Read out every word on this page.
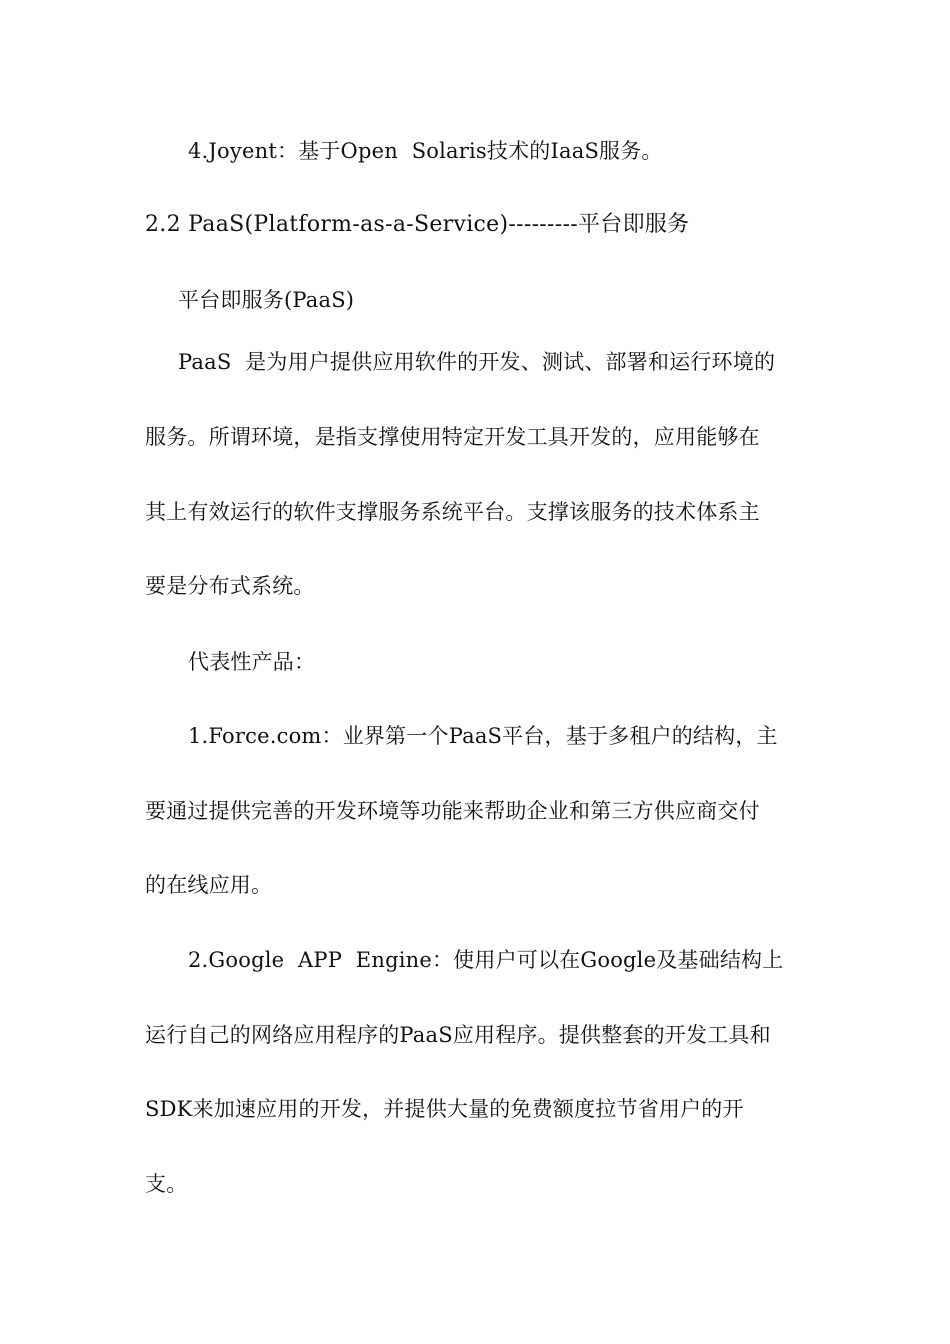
4.Joyent：基于Open  Solaris技术的IaaS服务。
2.2 PaaS(Platform-as-a-Service)---------平台即服务
平台即服务(PaaS)
PaaS  是为用户提供应用软件的开发、测试、部署和运行环境的
服务。所谓环境，是指支撑使用特定开发工具开发的，应用能够在
其上有效运行的软件支撑服务系统平台。支撑该服务的技术体系主
要是分布式系统。
代表性产品：
1.Force.com：业界第一个PaaS平台，基于多租户的结构，主
要通过提供完善的开发环境等功能来帮助企业和第三方供应商交付
的在线应用。
2.Google  APP  Engine：使用户可以在Google及基础结构上
运行自己的网络应用程序的PaaS应用程序。提供整套的开发工具和
SDK来加速应用的开发，并提供大量的免费额度拉节省用户的开
支。
